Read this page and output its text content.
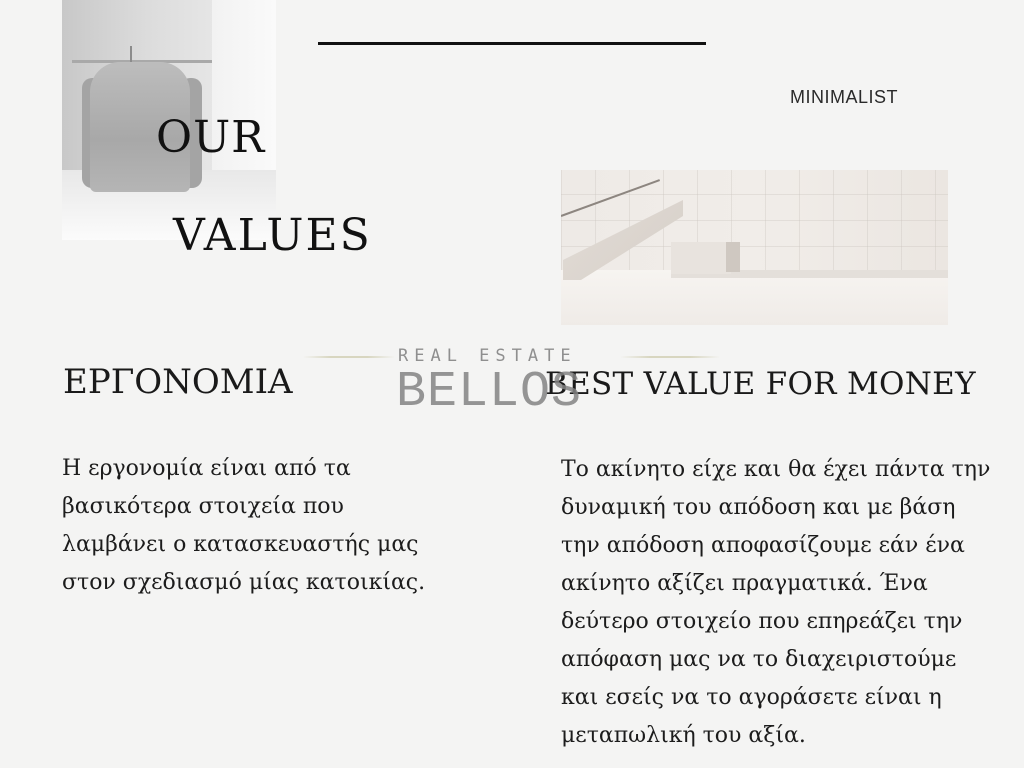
OUR
VALUES
MINIMALIST
REAL ESTATE
ΕΡΓΟΝΟΜΙΑ	BEST VALUE FOR MONEY
BELLOS
Η εργονομία είναι από τα
βασικότερα στοιχεία που
λαμβάνει ο κατασκευαστής μας
στον σχεδιασμό μίας κατοικίας.
Το ακίνητο είχε και θα έχει πάντα την
δυναμική του απόδοση και με βάση
την απόδοση αποφασίζουμε εάν ένα
ακίνητο αξίζει πραγματικά. Ένα
δεύτερο στοιχείο που επηρεάζει την
απόφαση μας να το διαχειριστούμε
και εσείς να το αγοράσετε είναι η
μεταπωλική του αξία.
